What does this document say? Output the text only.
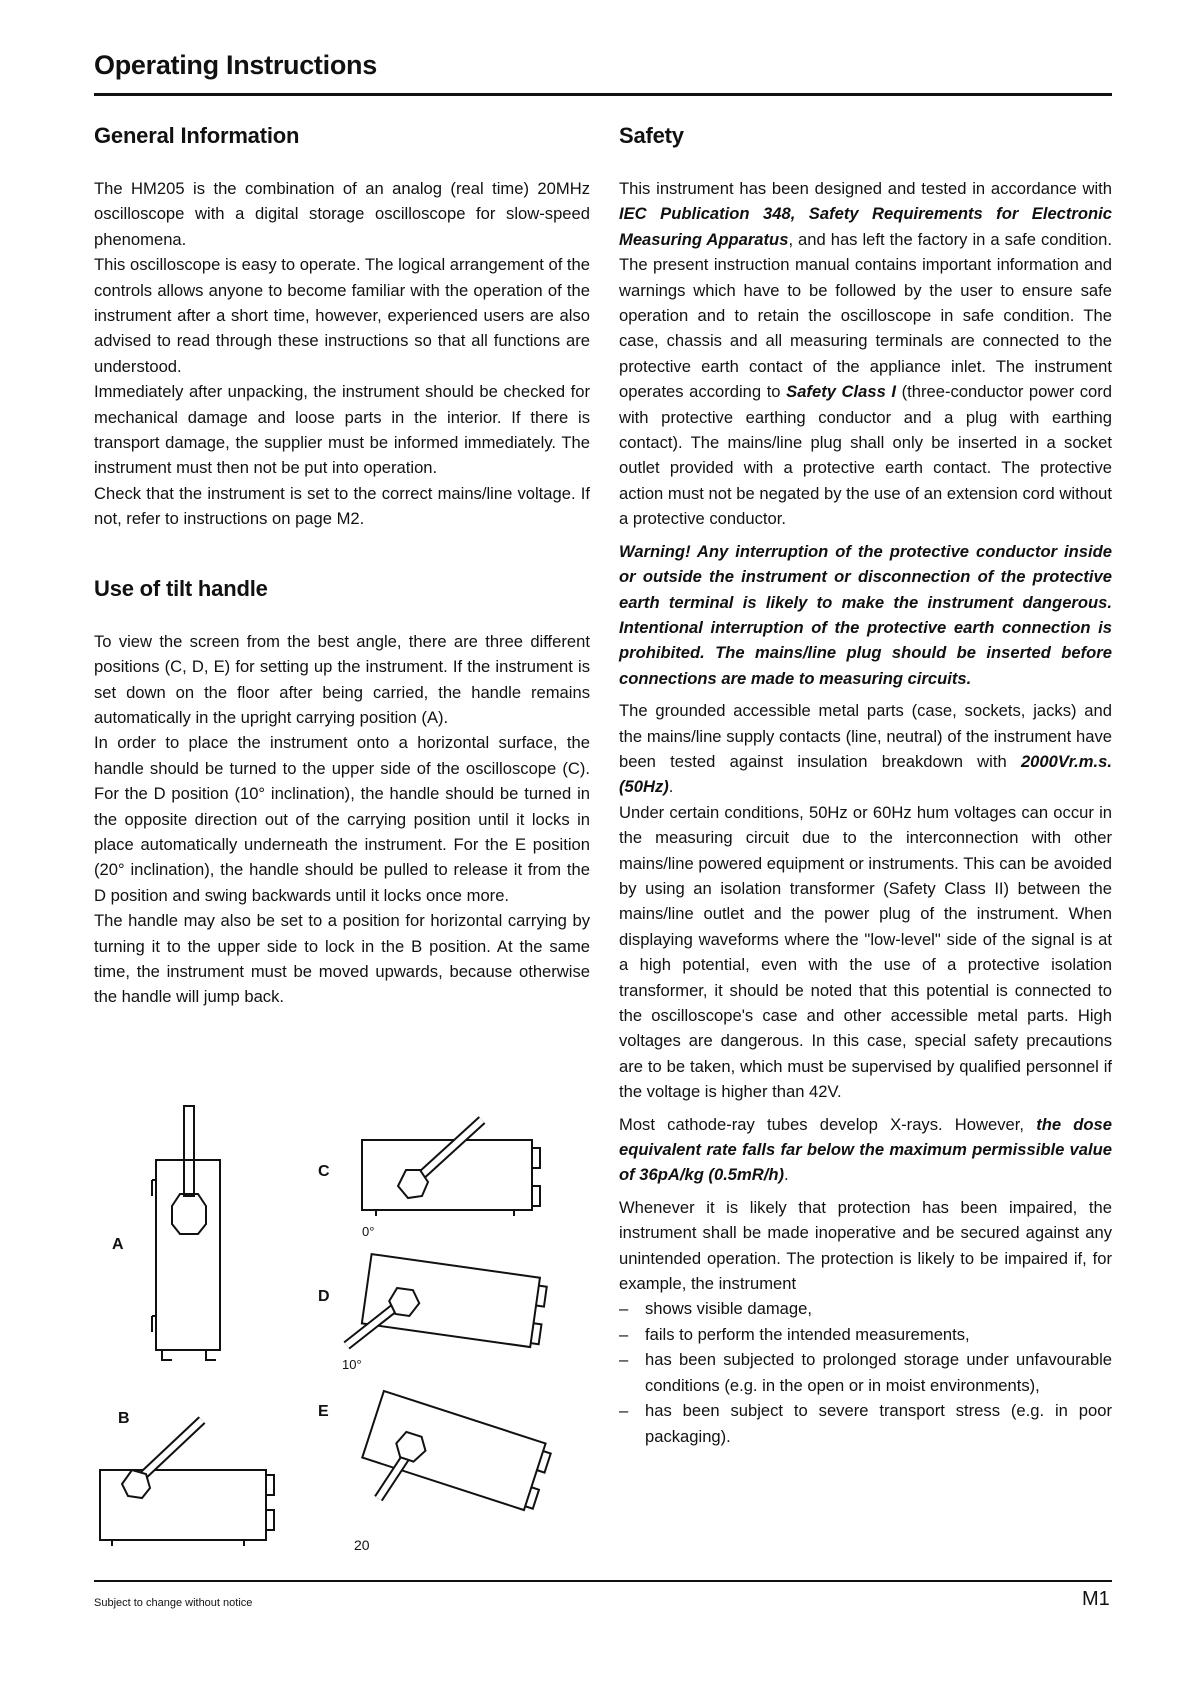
Operating Instructions
General Information

The HM205 is the combination of an analog (real time) 20MHz oscilloscope with a digital storage oscilloscope for slow-speed phenomena.

This oscilloscope is easy to operate. The logical arrangement of the controls allows anyone to become familiar with the operation of the instrument after a short time, however, experienced users are also advised to read through these instructions so that all functions are understood.

Immediately after unpacking, the instrument should be checked for mechanical damage and loose parts in the interior. If there is transport damage, the supplier must be informed immediately. The instrument must then not be put into operation.

Check that the instrument is set to the correct mains/line voltage. If not, refer to instructions on page M2.

Use of tilt handle

To view the screen from the best angle, there are three different positions (C, D, E) for setting up the instrument. If the instrument is set down on the floor after being carried, the handle remains automatically in the upright carrying position (A).

In order to place the instrument onto a horizontal surface, the handle should be turned to the upper side of the oscilloscope (C). For the D position (10° inclination), the handle should be turned in the opposite direction out of the carrying position until it locks in place automatically underneath the instrument. For the E position (20° inclination), the handle should be pulled to release it from the D position and swing backwards until it locks once more.

The handle may also be set to a position for horizontal carrying by turning it to the upper side to lock in the B position. At the same time, the instrument must be moved upwards, because otherwise the handle will jump back.

A
B
C
D
E
0°
10°
20
Safety

This instrument has been designed and tested in accordance with IEC Publication 348, Safety Requirements for Electronic Measuring Apparatus, and has left the factory in a safe condition. The present instruction manual contains important information and warnings which have to be followed by the user to ensure safe operation and to retain the oscilloscope in safe condition. The case, chassis and all measuring terminals are connected to the protective earth contact of the appliance inlet. The instrument operates according to Safety Class I (three-conductor power cord with protective earthing conductor and a plug with earthing contact). The mains/line plug shall only be inserted in a socket outlet provided with a protective earth contact. The protective action must not be negated by the use of an extension cord without a protective conductor.

Warning! Any interruption of the protective conductor inside or outside the instrument or disconnection of the protective earth terminal is likely to make the instrument dangerous. Intentional interruption of the protective earth connection is prohibited. The mains/line plug should be inserted before connections are made to measuring circuits.

The grounded accessible metal parts (case, sockets, jacks) and the mains/line supply contacts (line, neutral) of the instrument have been tested against insulation breakdown with 2000Vr.m.s. (50Hz).

Under certain conditions, 50Hz or 60Hz hum voltages can occur in the measuring circuit due to the interconnection with other mains/line powered equipment or instruments. This can be avoided by using an isolation transformer (Safety Class II) between the mains/line outlet and the power plug of the instrument. When displaying waveforms where the "low-level" side of the signal is at a high potential, even with the use of a protective isolation transformer, it should be noted that this potential is connected to the oscilloscope's case and other accessible metal parts. High voltages are dangerous. In this case, special safety precautions are to be taken, which must be supervised by qualified personnel if the voltage is higher than 42V.

Most cathode-ray tubes develop X-rays. However, the dose equivalent rate falls far below the maximum permissible value of 36pA/kg (0.5mR/h).

Whenever it is likely that protection has been impaired, the instrument shall be made inoperative and be secured against any unintended operation. The protection is likely to be impaired if, for example, the instrument

– shows visible damage,
– fails to perform the intended measurements,
– has been subjected to prolonged storage under unfavourable conditions (e.g. in the open or in moist environments),
– has been subject to severe transport stress (e.g. in poor packaging).
Subject to change without notice	M1
